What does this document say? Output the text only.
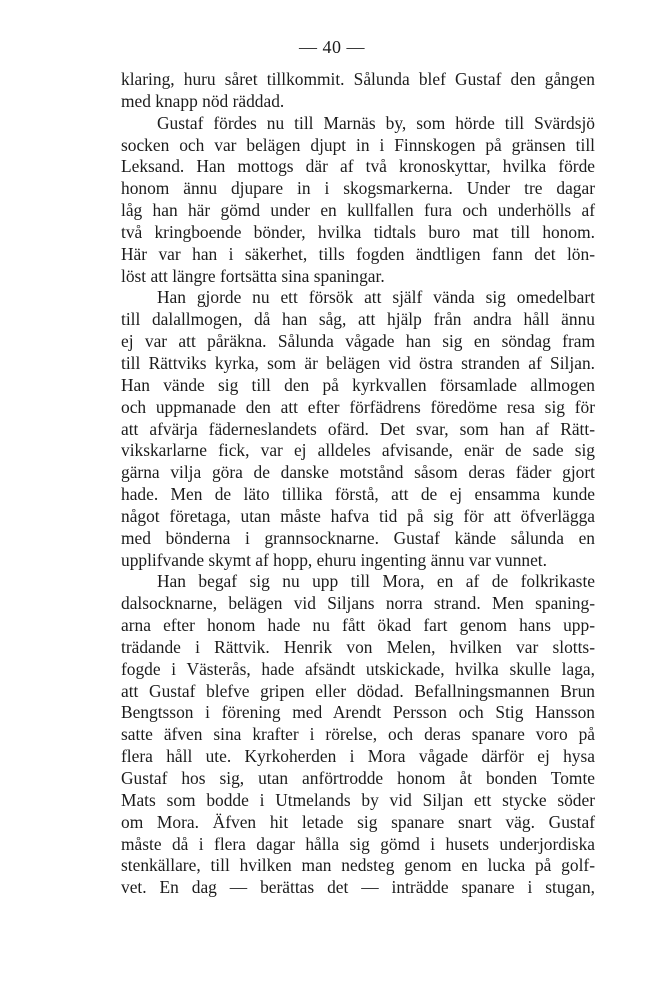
— 40 —
klaring, huru såret tillkommit. Sålunda blef Gustaf den gången
med knapp nöd räddad.
Gustaf fördes nu till Marnäs by, som hörde till Svärdsjö
socken och var belägen djupt in i Finnskogen på gränsen till
Leksand. Han mottogs där af två kronoskyttar, hvilka förde
honom ännu djupare in i skogsmarkerna. Under tre dagar
låg han här gömd under en kullfallen fura och underhölls af
två kringboende bönder, hvilka tidtals buro mat till honom.
Här var han i säkerhet, tills fogden ändtligen fann det lön-
löst att längre fortsätta sina spaningar.
Han gjorde nu ett försök att själf vända sig omedelbart
till dalallmogen, då han såg, att hjälp från andra håll ännu
ej var att påräkna. Sålunda vågade han sig en söndag fram
till Rättviks kyrka, som är belägen vid östra stranden af Siljan.
Han vände sig till den på kyrkvallen församlade allmogen
och uppmanade den att efter förfädrens föredöme resa sig för
att afvärja fäderneslandets ofärd. Det svar, som han af Rätt-
vikskarlarne fick, var ej alldeles afvisande, enär de sade sig
gärna vilja göra de danske motstånd såsom deras fäder gjort
hade. Men de läto tillika förstå, att de ej ensamma kunde
något företaga, utan måste hafva tid på sig för att öfverlägga
med bönderna i grannsocknarne. Gustaf kände sålunda en
upplifvande skymt af hopp, ehuru ingenting ännu var vunnet.
Han begaf sig nu upp till Mora, en af de folkrikaste
dalsocknarne, belägen vid Siljans norra strand. Men spaning-
arna efter honom hade nu fått ökad fart genom hans upp-
trädande i Rättvik. Henrik von Melen, hvilken var slotts-
fogde i Västerås, hade afsändt utskickade, hvilka skulle laga,
att Gustaf blefve gripen eller dödad. Befallningsmannen Brun
Bengtsson i förening med Arendt Persson och Stig Hansson
satte äfven sina krafter i rörelse, och deras spanare voro på
flera håll ute. Kyrkoherden i Mora vågade därför ej hysa
Gustaf hos sig, utan anförtrodde honom åt bonden Tomte
Mats som bodde i Utmelands by vid Siljan ett stycke söder
om Mora. Äfven hit letade sig spanare snart väg. Gustaf
måste då i flera dagar hålla sig gömd i husets underjordiska
stenkällare, till hvilken man nedsteg genom en lucka på golf-
vet. En dag — berättas det — inträdde spanare i stugan,
